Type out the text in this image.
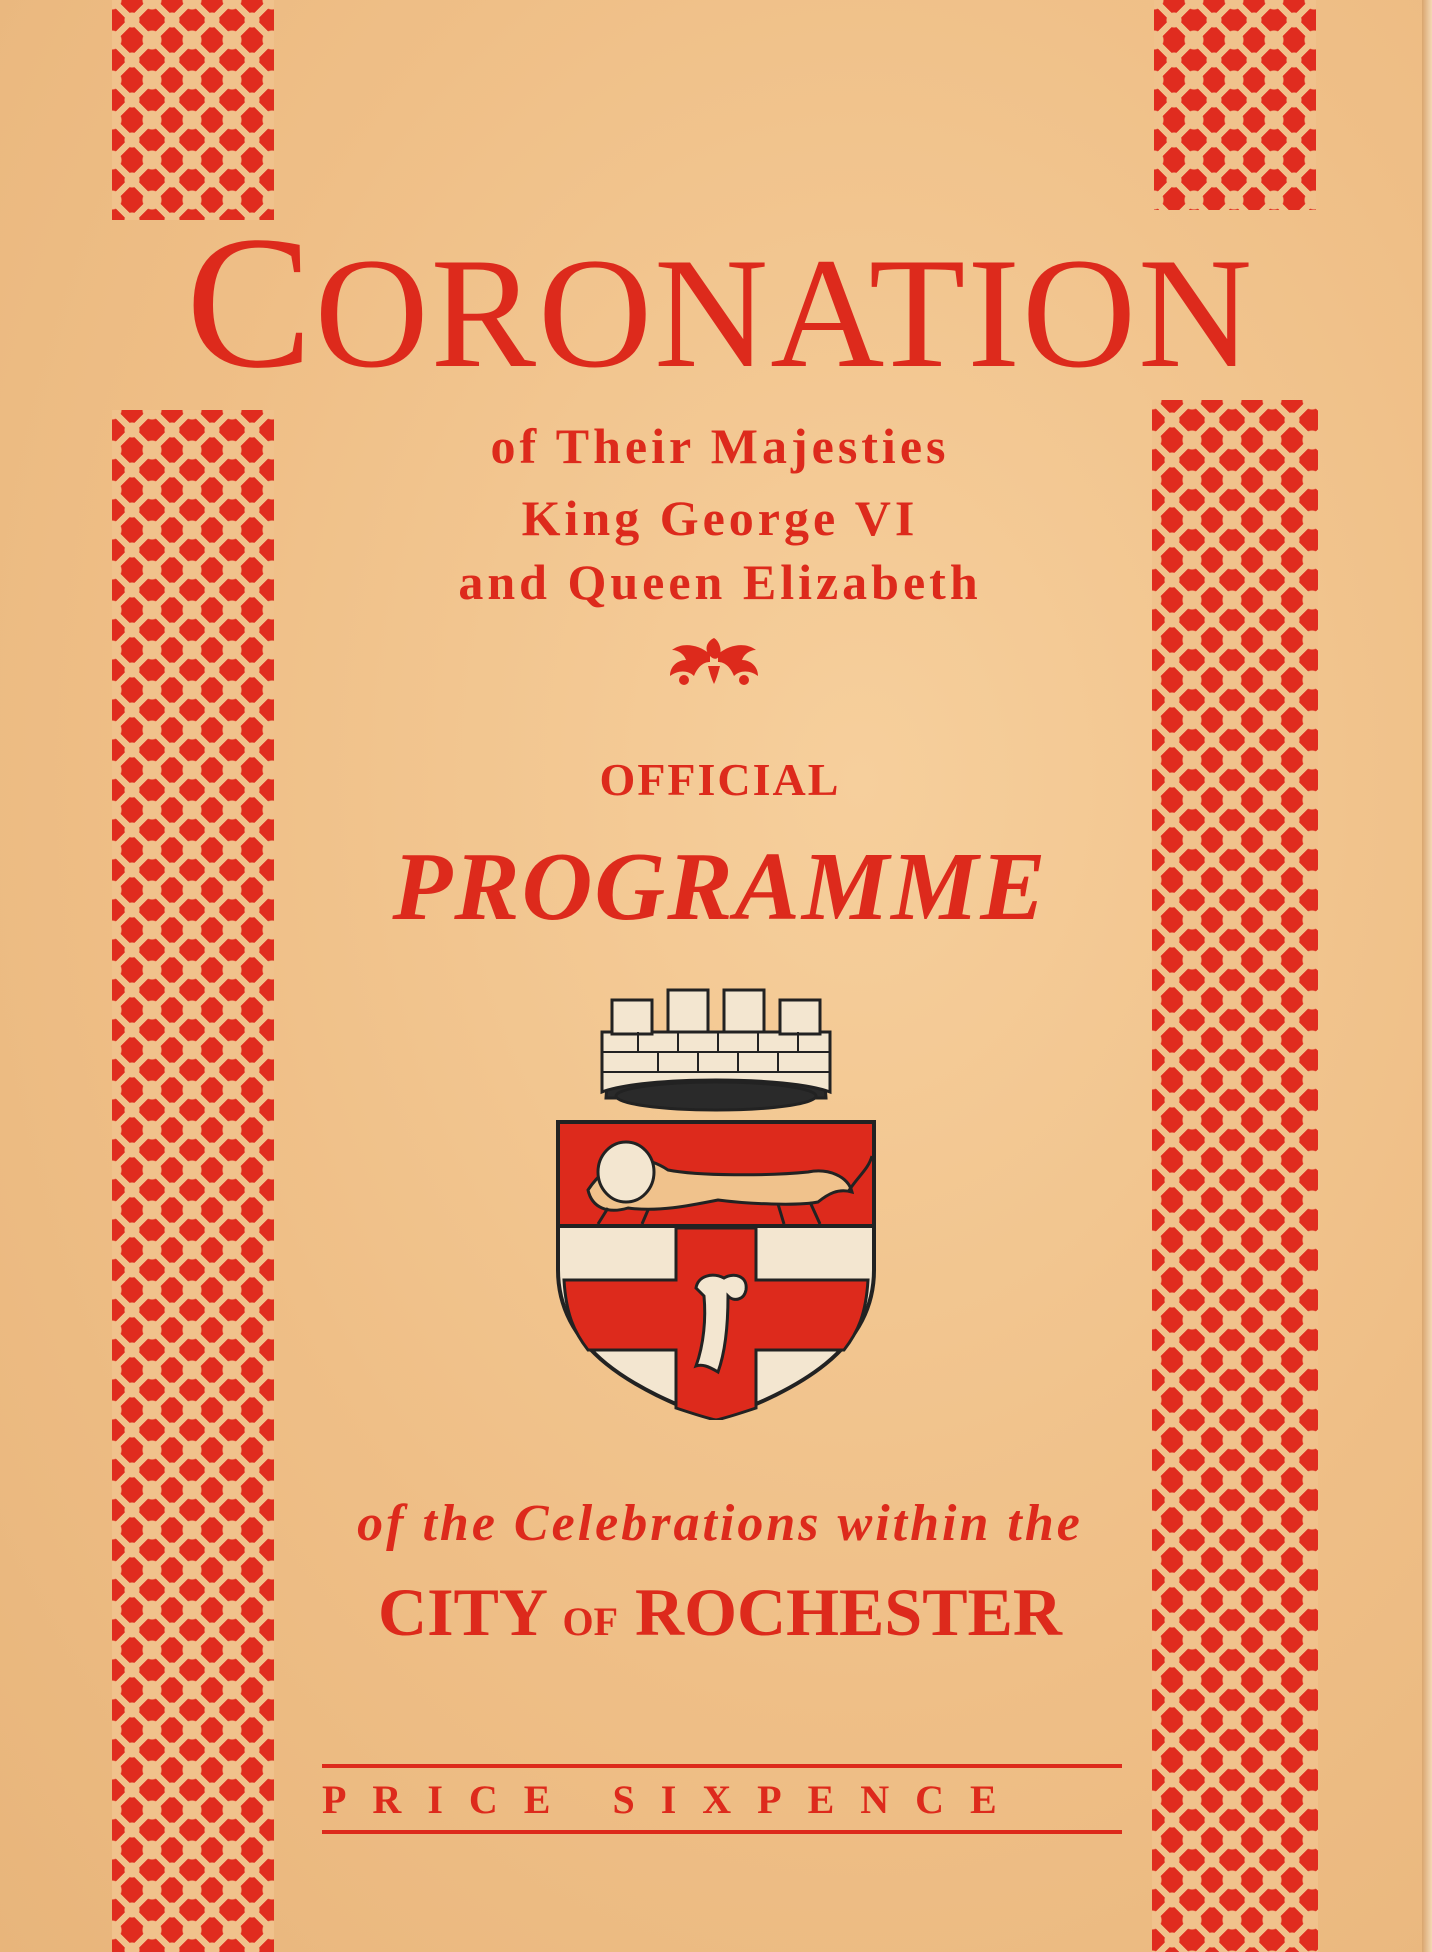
CORONATION
of Their Majesties
King George VI
and Queen Elizabeth
OFFICIAL
PROGRAMME
of the Celebrations within the
CITY OF ROCHESTER
PRICE SIXPENCE
